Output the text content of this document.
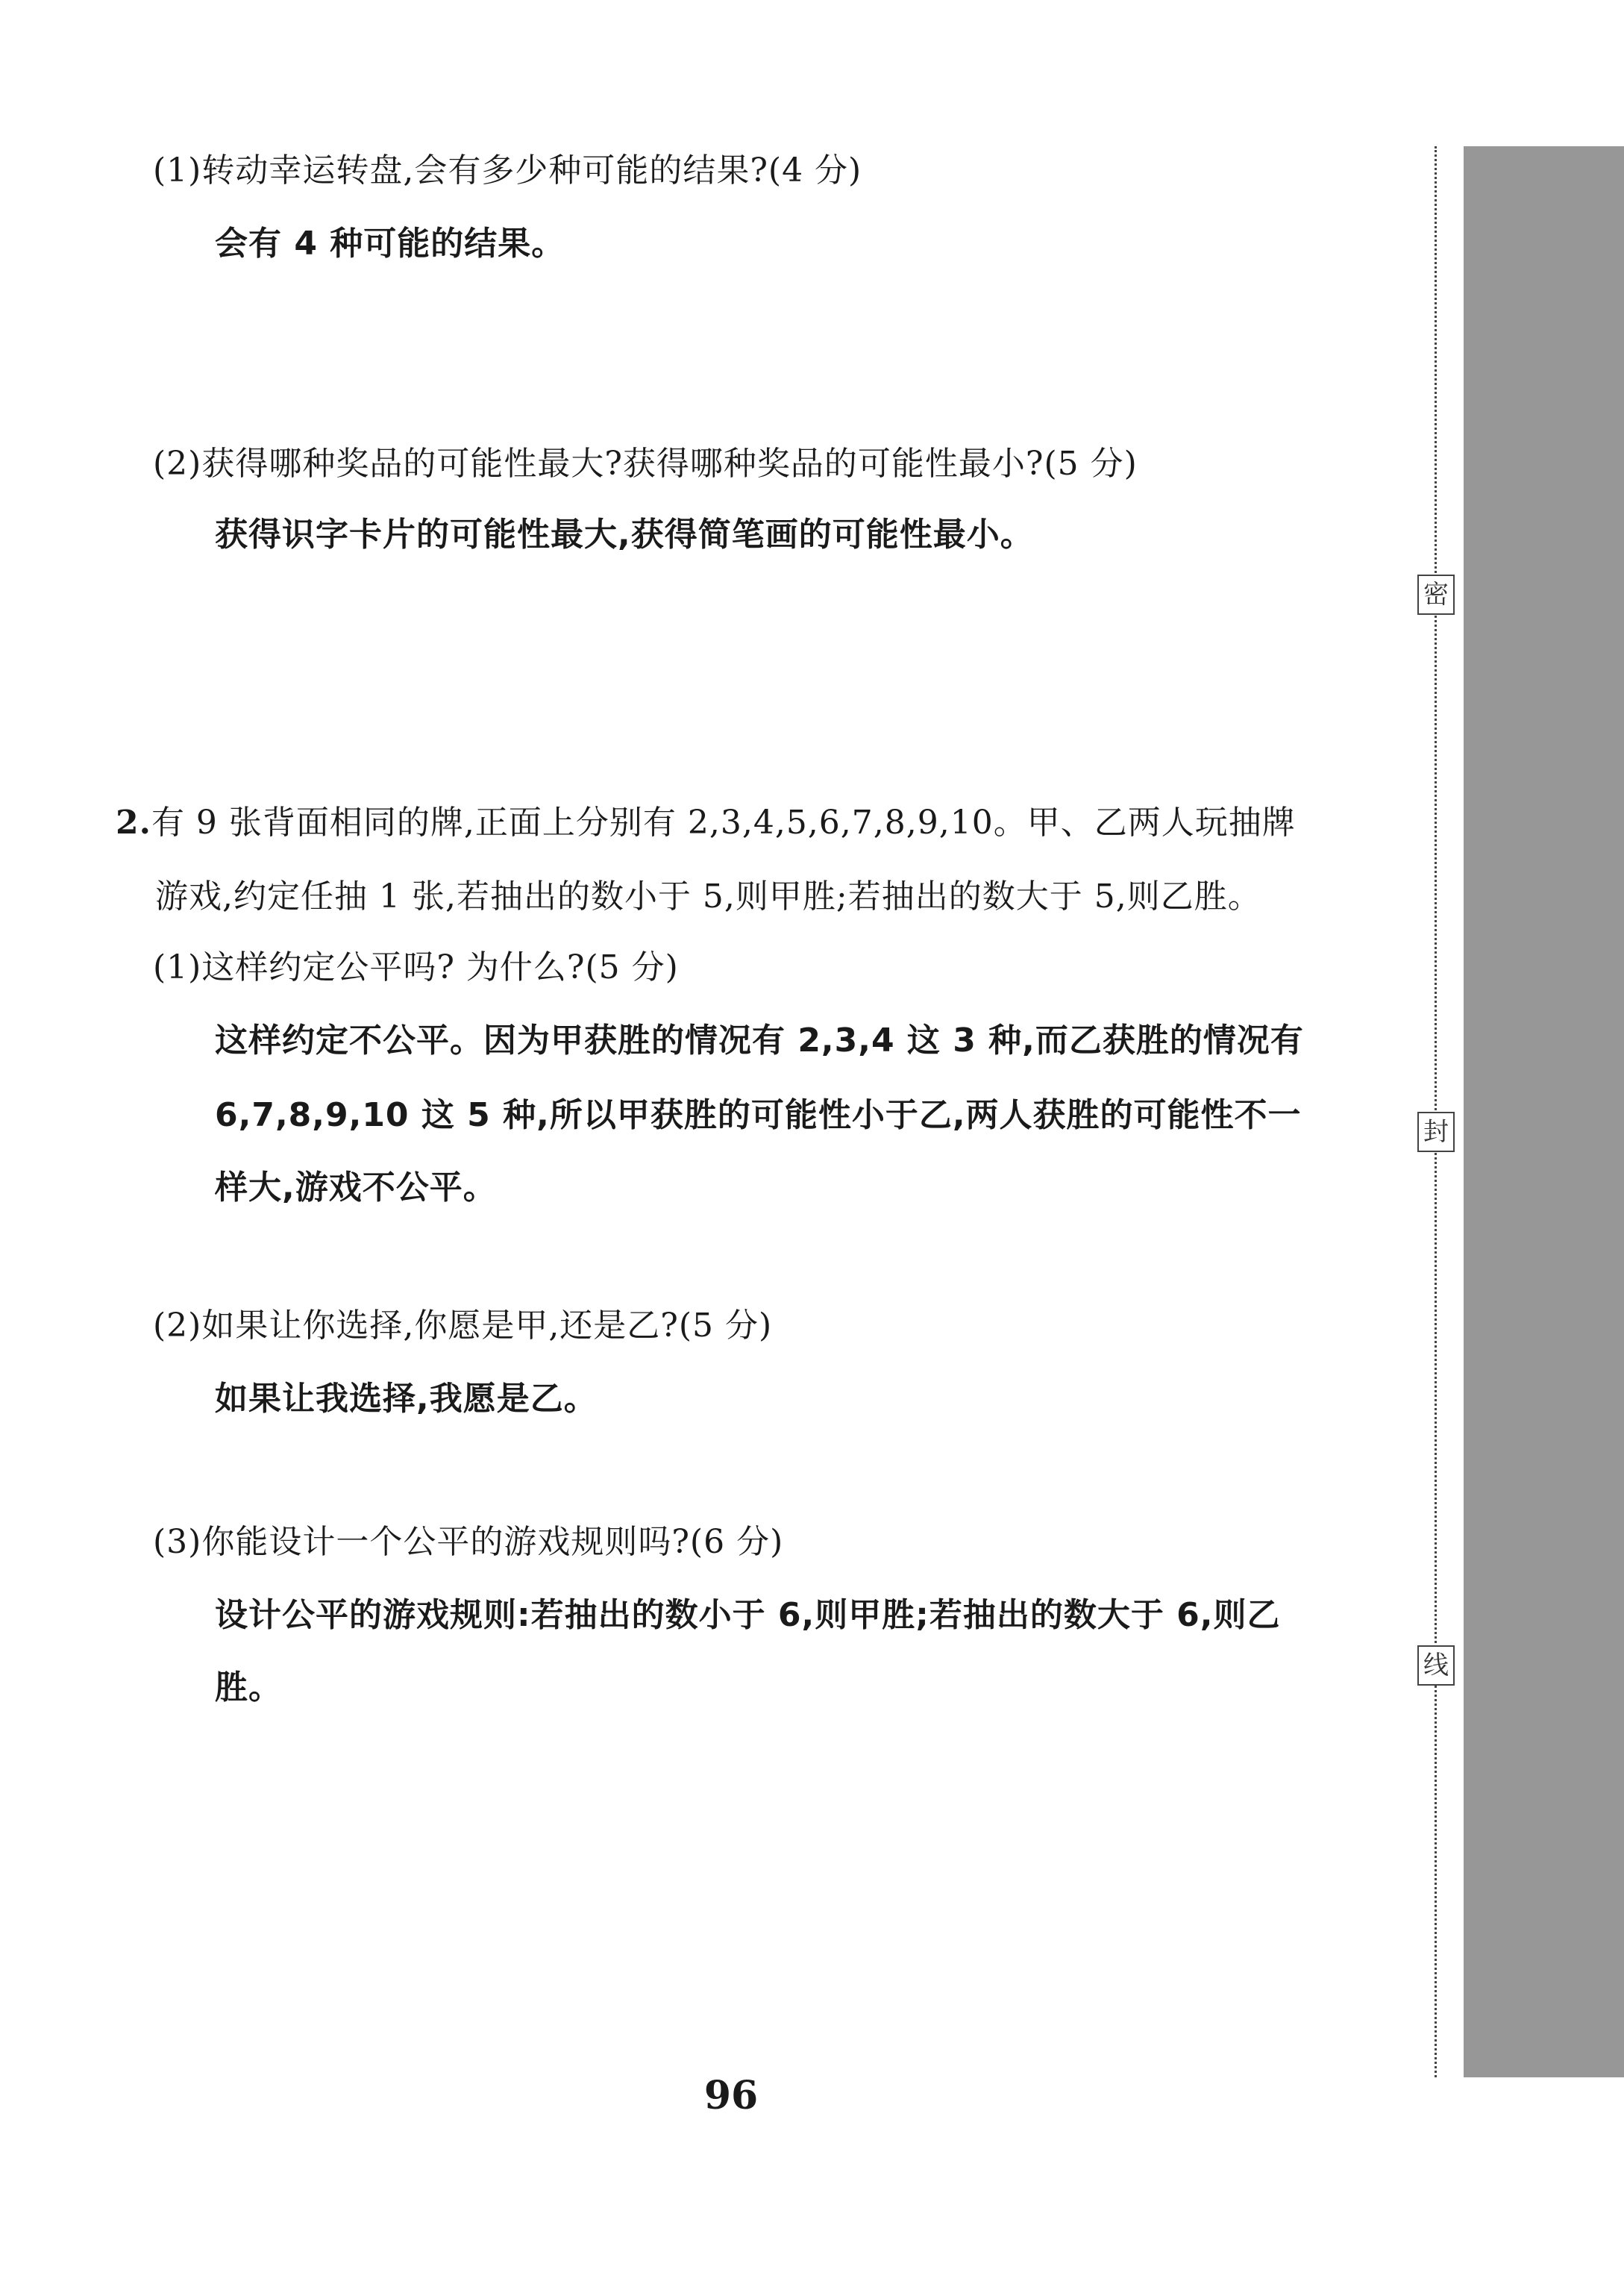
密
封
线
(1)转动幸运转盘,会有多少种可能的结果?(4 分)
会有 4 种可能的结果。
(2)获得哪种奖品的可能性最大?获得哪种奖品的可能性最小?(5 分)
获得识字卡片的可能性最大,获得简笔画的可能性最小。
2.有 9 张背面相同的牌,正面上分别有 2,3,4,5,6,7,8,9,10。甲、乙两人玩抽牌
游戏,约定任抽 1 张,若抽出的数小于 5,则甲胜;若抽出的数大于 5,则乙胜。
(1)这样约定公平吗? 为什么?(5 分)
这样约定不公平。因为甲获胜的情况有 2,3,4 这 3 种,而乙获胜的情况有
6,7,8,9,10 这 5 种,所以甲获胜的可能性小于乙,两人获胜的可能性不一
样大,游戏不公平。
(2)如果让你选择,你愿是甲,还是乙?(5 分)
如果让我选择,我愿是乙。
(3)你能设计一个公平的游戏规则吗?(6 分)
设计公平的游戏规则:若抽出的数小于 6,则甲胜;若抽出的数大于 6,则乙
胜。
96
